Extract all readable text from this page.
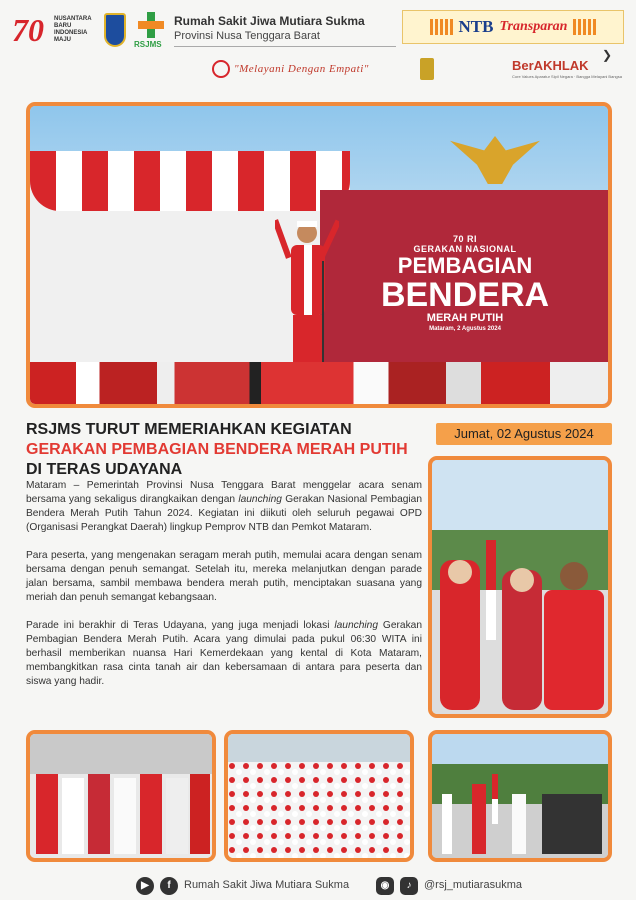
70	NUSANTARA BARU INDONESIA MAJU	RSJMS
Rumah Sakit Jiwa Mutiara Sukma
Provinsi Nusa Tenggara Barat	NTB Transparan
"Melayani Dengan Empati"
❯
BerAKHLAK
Core Values Aparatur Sipil Negara · Bangga Melayani Bangsa
70 RI
GERAKAN NASIONAL
PEMBAGIAN
BENDERA
MERAH PUTIH
Mataram, 2 Agustus 2024
RSJMS TURUT MEMERIAHKAN KEGIATAN
GERAKAN PEMBAGIAN BENDERA MERAH PUTIH
DI TERAS UDAYANA
Jumat, 02 Agustus 2024

Mataram – Pemerintah Provinsi Nusa Tenggara Barat menggelar acara senam bersama yang sekaligus dirangkaikan dengan launching Gerakan Nasional Pembagian Bendera Merah Putih Tahun 2024. Kegiatan ini diikuti oleh seluruh pegawai OPD (Organisasi Perangkat Daerah) lingkup Pemprov NTB dan Pemkot Mataram.

Para peserta, yang mengenakan seragam merah putih, memulai acara dengan senam bersama dengan penuh semangat. Setelah itu, mereka melanjutkan dengan parade jalan bersama, sambil membawa bendera merah putih, menciptakan suasana yang meriah dan penuh semangat kebangsaan.

Parade ini berakhir di Teras Udayana, yang juga menjadi lokasi launching Gerakan Pembagian Bendera Merah Putih. Acara yang dimulai pada pukul 06:30 WITA ini berhasil memberikan nuansa Hari Kemerdekaan yang kental di Kota Mataram, membangkitkan rasa cinta tanah air dan kebersamaan di antara para peserta dan siswa yang hadir.

▶	f	Rumah Sakit Jiwa Mutiara Sukma	◉	♪	@rsj_mutiarasukma
